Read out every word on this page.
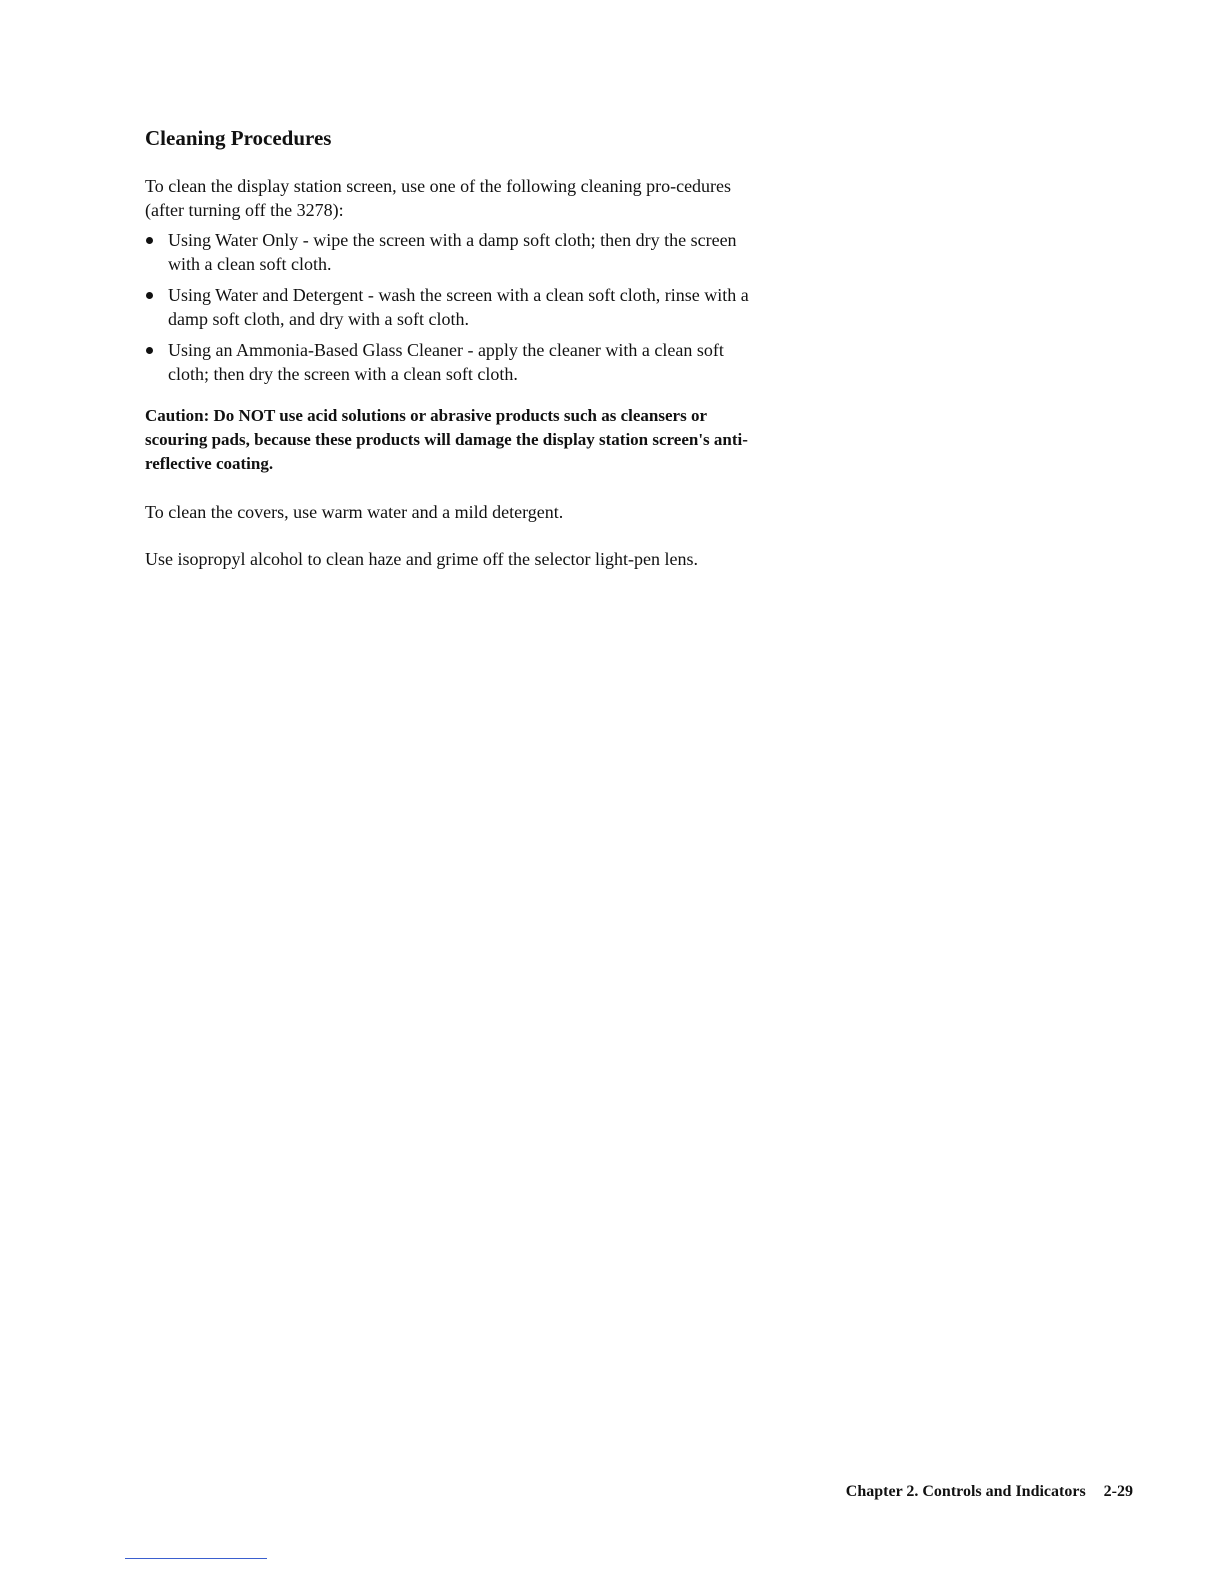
Cleaning Procedures

To clean the display station screen, use one of the following cleaning pro-cedures (after turning off the 3278):

Using Water Only - wipe the screen with a damp soft cloth; then dry the screen with a clean soft cloth.
Using Water and Detergent - wash the screen with a clean soft cloth, rinse with a damp soft cloth, and dry with a soft cloth.
Using an Ammonia-Based Glass Cleaner - apply the cleaner with a clean soft cloth; then dry the screen with a clean soft cloth.

Caution: Do NOT use acid solutions or abrasive products such as cleansers or scouring pads, because these products will damage the display station screen's anti-reflective coating.

To clean the covers, use warm water and a mild detergent.

Use isopropyl alcohol to clean haze and grime off the selector light-pen lens.

Chapter 2. Controls and Indicators 2-29
